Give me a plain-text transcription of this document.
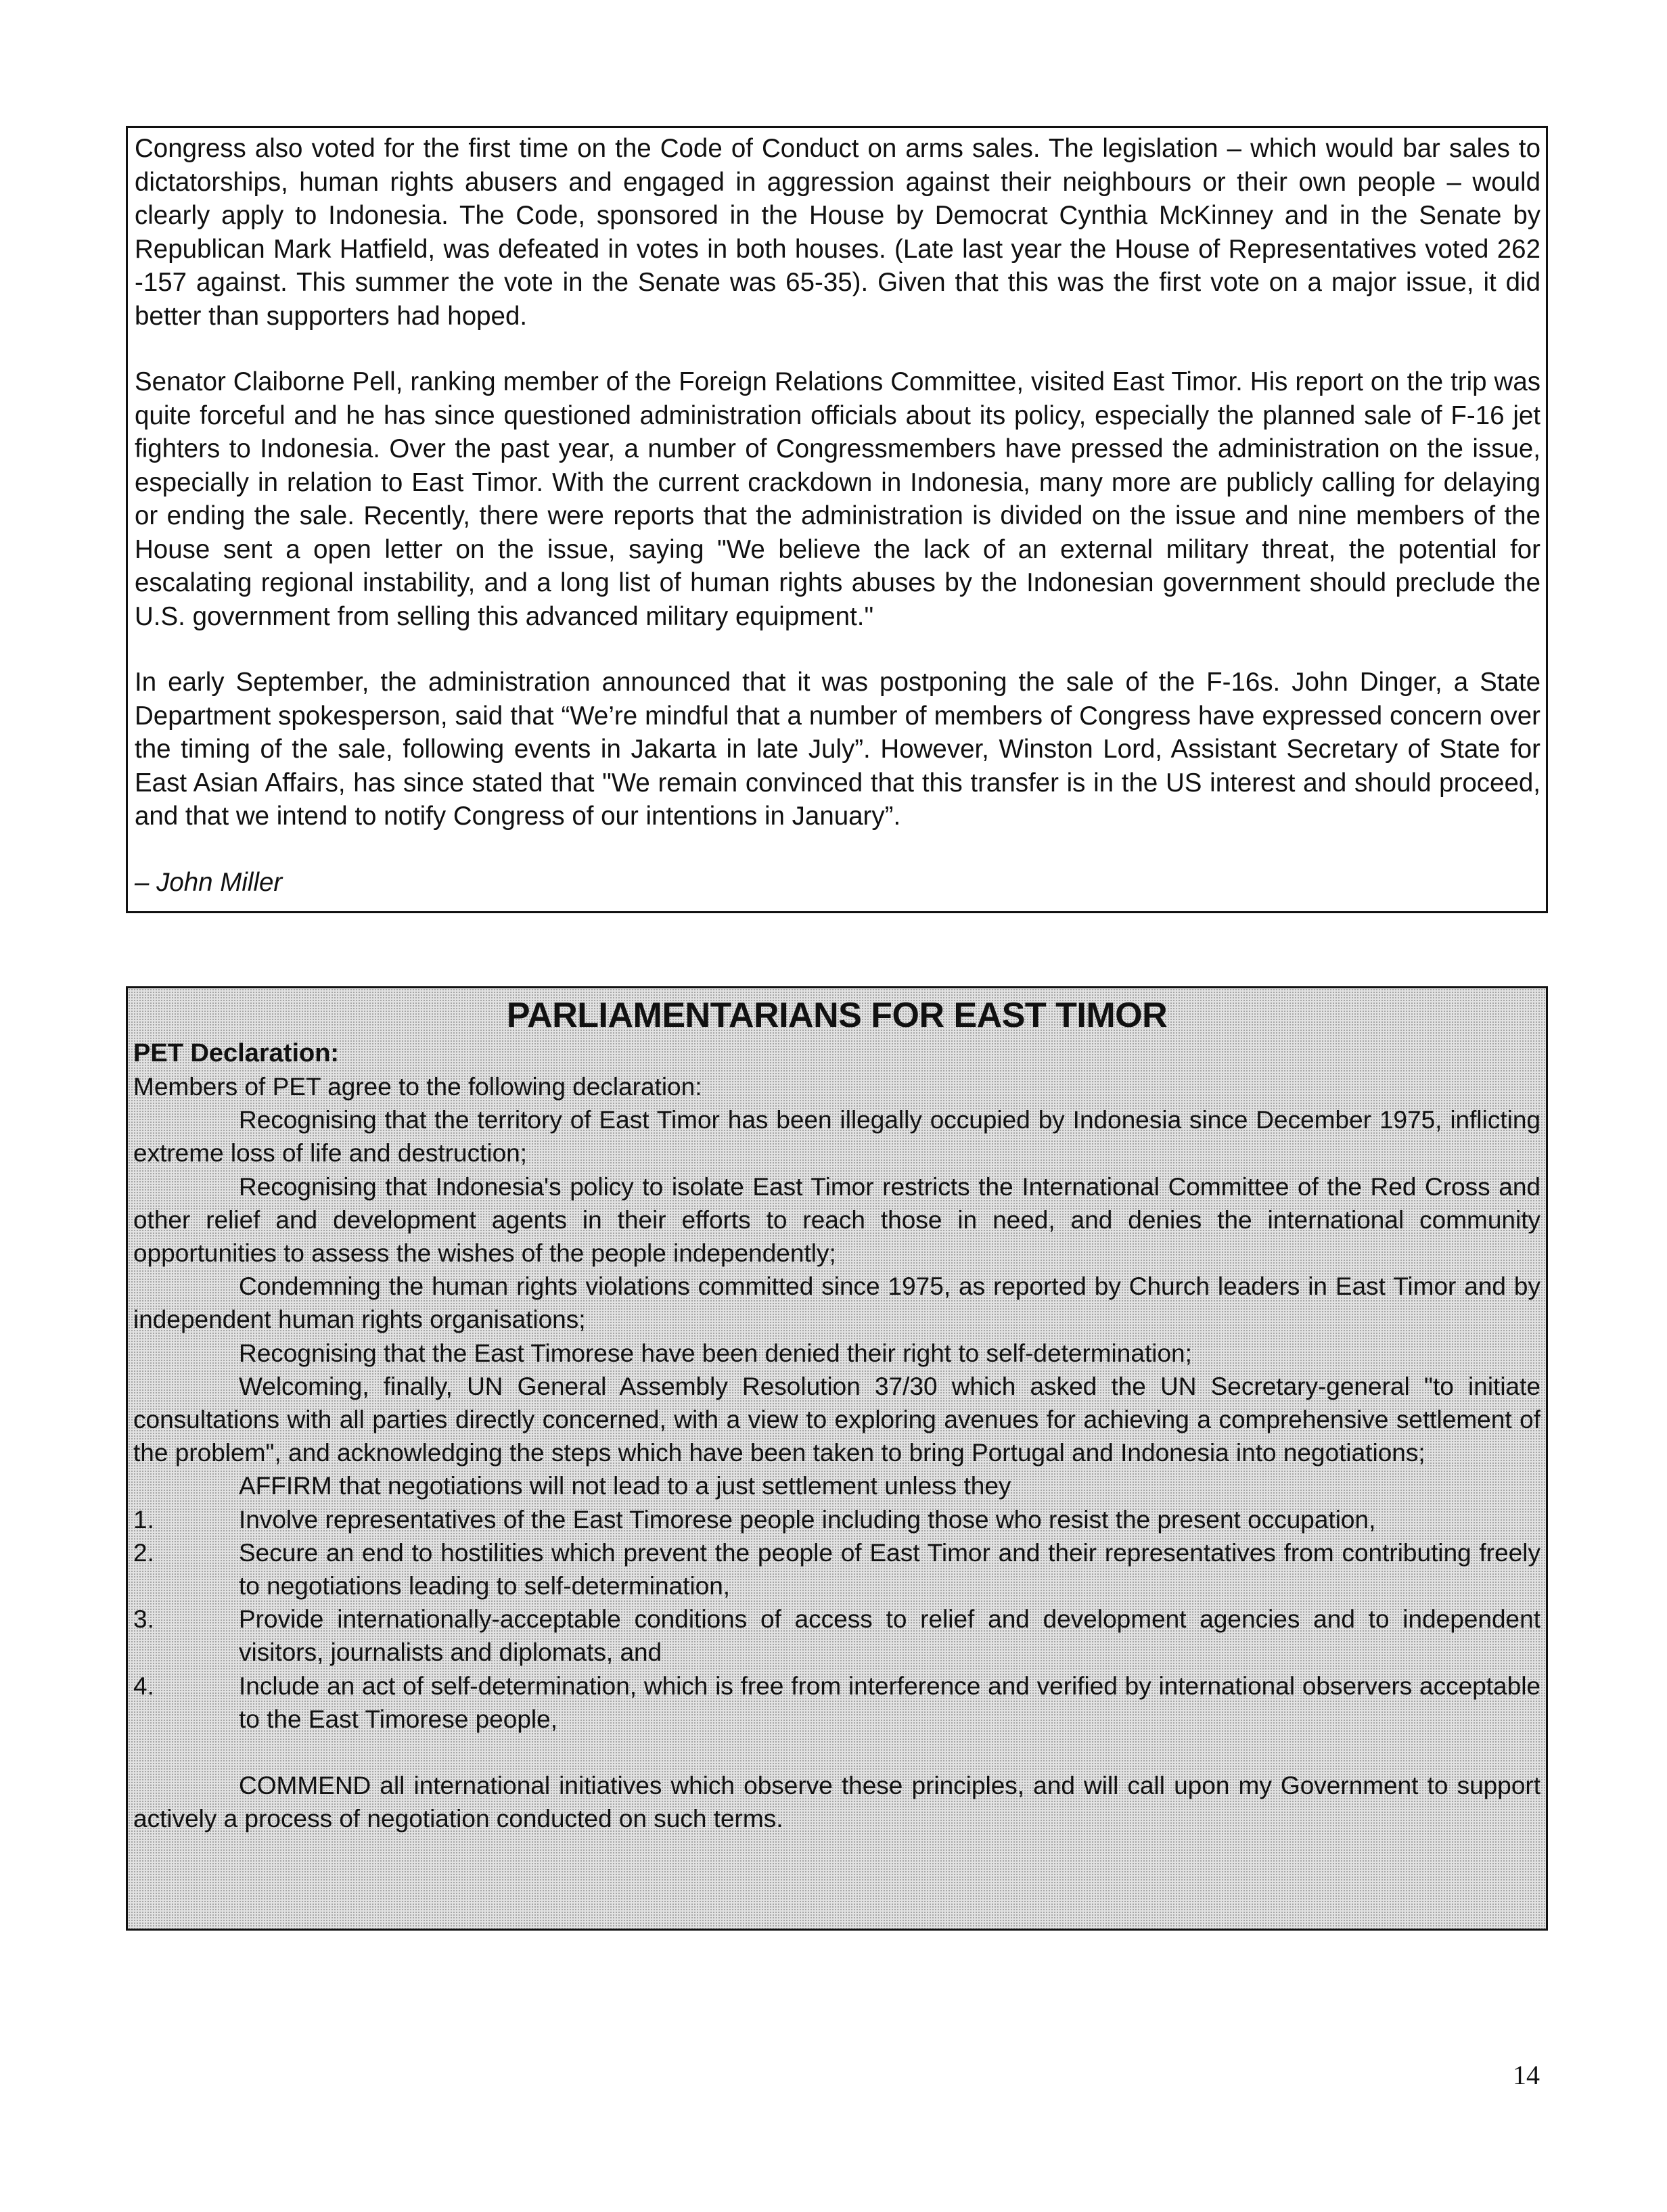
Congress also voted for the first time on the Code of Conduct on arms sales. The legislation – which would bar sales to dictatorships, human rights abusers and engaged in aggression against their neighbours or their own people – would clearly apply to Indonesia. The Code, sponsored in the House by Democrat Cynthia McKinney and in the Senate by Republican Mark Hatfield, was defeated in votes in both houses. (Late last year the House of Representatives voted 262 -157 against. This summer the vote in the Senate was 65-35). Given that this was the first vote on a major issue, it did better than supporters had hoped.

Senator Claiborne Pell, ranking member of the Foreign Relations Committee, visited East Timor. His report on the trip was quite forceful and he has since questioned administration officials about its policy, especially the planned sale of F-16 jet fighters to Indonesia. Over the past year, a number of Congressmembers have pressed the administration on the issue, especially in relation to East Timor. With the current crackdown in Indonesia, many more are publicly calling for delaying or ending the sale. Recently, there were reports that the administration is divided on the issue and nine members of the House sent a open letter on the issue, saying "We believe the lack of an external military threat, the potential for escalating regional instability, and a long list of human rights abuses by the Indonesian government should preclude the U.S. government from selling this advanced military equipment."

In early September, the administration announced that it was postponing the sale of the F-16s. John Dinger, a State Department spokesperson, said that “We’re mindful that a number of members of Congress have expressed concern over the timing of the sale, following events in Jakarta in late July”. However, Winston Lord, Assistant Secretary of State for East Asian Affairs, has since stated that "We remain convinced that this transfer is in the US interest and should proceed, and that we intend to notify Congress of our intentions in January”.

– John Miller

PARLIAMENTARIANS FOR EAST TIMOR
PET Declaration:
Members of PET agree to the following declaration:
Recognising that the territory of East Timor has been illegally occupied by Indonesia since December 1975, inflicting extreme loss of life and destruction;
Recognising that Indonesia's policy to isolate East Timor restricts the International Committee of the Red Cross and other relief and development agents in their efforts to reach those in need, and denies the international community opportunities to assess the wishes of the people independently;
Condemning the human rights violations committed since 1975, as reported by Church leaders in East Timor and by independent human rights organisations;
Recognising that the East Timorese have been denied their right to self-determination;
Welcoming, finally, UN General Assembly Resolution 37/30 which asked the UN Secretary-general "to initiate consultations with all parties directly concerned, with a view to exploring avenues for achieving a comprehensive settlement of the problem", and acknowledging the steps which have been taken to bring Portugal and Indonesia into negotiations;
AFFIRM that negotiations will not lead to a just settlement unless they
1.	Involve representatives of the East Timorese people including those who resist the present occupation,
2.	Secure an end to hostilities which prevent the people of East Timor and their representatives from contributing freely to negotiations leading to self-determination,
3.	Provide internationally-acceptable conditions of access to relief and development agencies and to independent visitors, journalists and diplomats, and
4.	Include an act of self-determination, which is free from interference and verified by international observers acceptable to the East Timorese people,
COMMEND all international initiatives which observe these principles, and will call upon my Government to support actively a process of negotiation conducted on such terms.
14
